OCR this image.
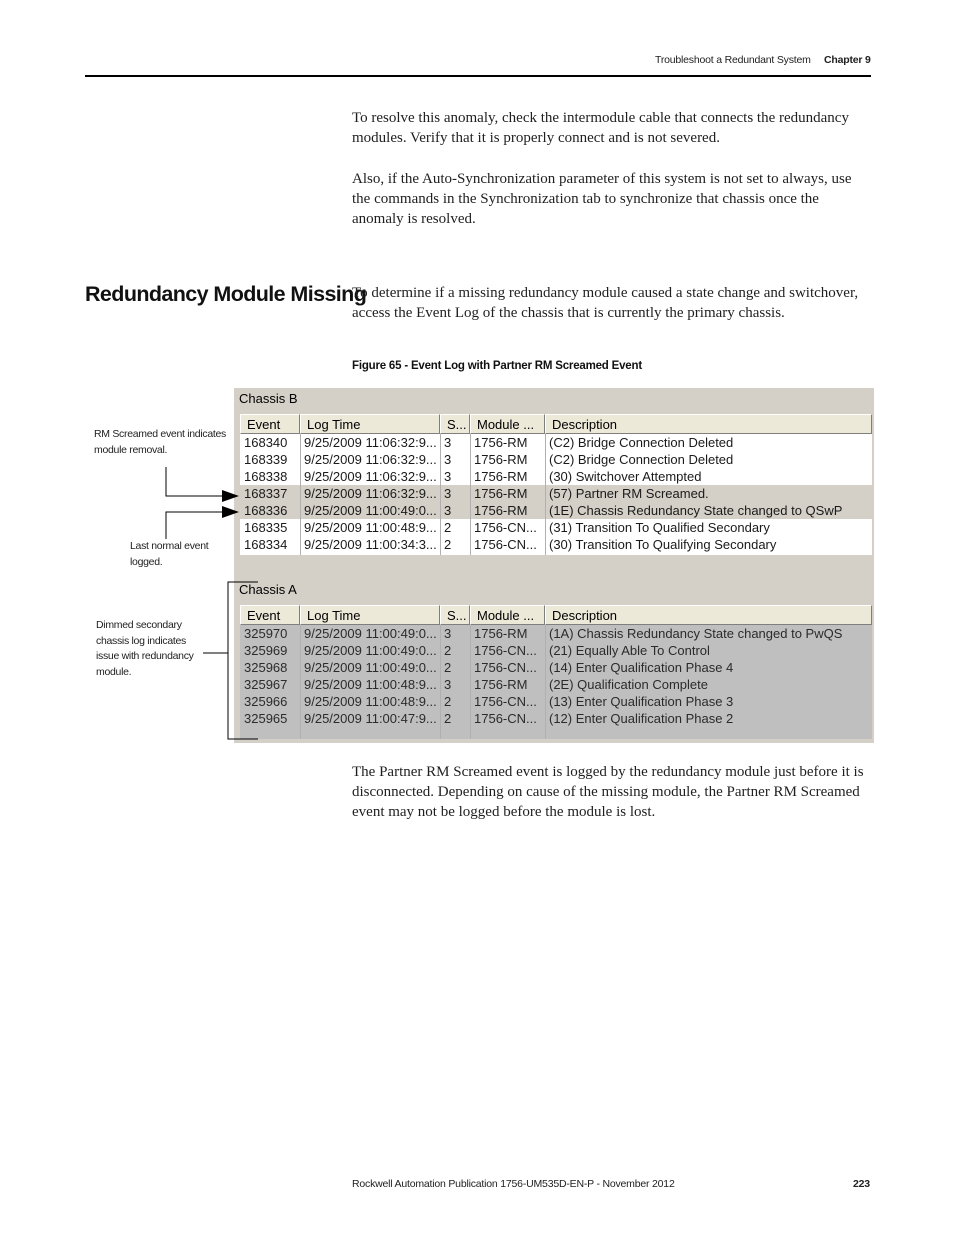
Troubleshoot a Redundant System Chapter 9

To resolve this anomaly, check the intermodule cable that connects the redundancy modules. Verify that it is properly connect and is not severed.

Also, if the Auto-Synchronization parameter of this system is not set to always, use the commands in the Synchronization tab to synchronize that chassis once the anomaly is resolved.

Redundancy Module Missing

To determine if a missing redundancy module caused a state change and switchover, access the Event Log of the chassis that is currently the primary chassis.

Figure 65 - Event Log with Partner RM Screamed Event
Chassis B
Event	Log Time	S... Module ...	Description
168340	9/25/2009 11:06:32:9... 3	1756-RM	(C2) Bridge Connection Deleted
168339	9/25/2009 11:06:32:9... 3	1756-RM	(C2) Bridge Connection Deleted
168338	9/25/2009 11:06:32:9... 3	1756-RM	(30) Switchover Attempted
168337	9/25/2009 11:06:32:9... 3	1756-RM	(57) Partner RM Screamed.
168336	9/25/2009 11:00:49:0... 3	1756-RM	(1E) Chassis Redundancy State changed to QSwP
168335	9/25/2009 11:00:48:9... 2	1756-CN... (31) Transition To Qualified Secondary
168334	9/25/2009 11:00:34:3... 2	1756-CN... (30) Transition To Qualifying Secondary
Chassis A
Event	Log Time	S... Module ...	Description
325970	9/25/2009 11:00:49:0... 3	1756-RM	(1A) Chassis Redundancy State changed to PwQS
325969	9/25/2009 11:00:49:0... 2	1756-CN... (21) Equally Able To Control
325968	9/25/2009 11:00:49:0... 2	1756-CN... (14) Enter Qualification Phase 4
325967	9/25/2009 11:00:48:9... 3	1756-RM	(2E) Qualification Complete
325966	9/25/2009 11:00:48:9... 2	1756-CN... (13) Enter Qualification Phase 3
325965	9/25/2009 11:00:47:9... 2	1756-CN... (12) Enter Qualification Phase 2
RM Screamed event indicates module removal.
Last normal event logged.
Dimmed secondary chassis log indicates issue with redundancy module.

The Partner RM Screamed event is logged by the redundancy module just before it is disconnected. Depending on cause of the missing module, the Partner RM Screamed event may not be logged before the module is lost.

Rockwell Automation Publication 1756-UM535D-EN-P - November 2012	223
